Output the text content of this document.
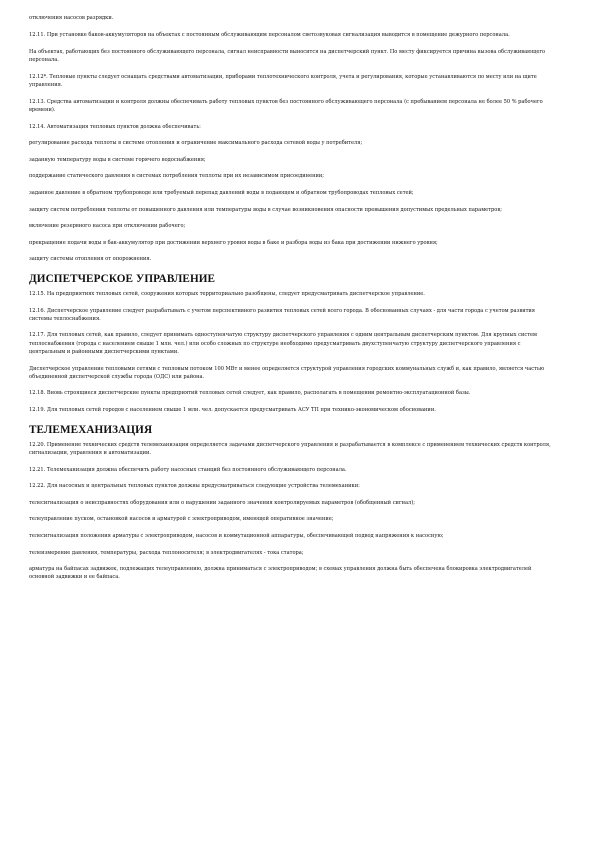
отключения насосов разрядки.

12.11. При установке баков-аккумуляторов на объектах с постоянным обслуживающим персоналом светозвуковая сигнализация выводится в помещение дежурного персонала.

На объектах, работающих без постоянного обслуживающего персонала, сигнал неисправности выносится на диспетчерский пункт. По месту фиксируется причина вызова обслуживающего персонала.

12.12*. Тепловые пункты следует оснащать средствами автоматизации, приборами теплотехнического контроля, учета и регулирования, которые устанавливаются по месту или на щите управления.

12.13. Средства автоматизации и контроля должны обеспечивать работу тепловых пунктов без постоянного обслуживающего персонала (с пребыванием персонала не более 50 % рабочего времени).

12.14. Автоматизация тепловых пунктов должна обеспечивать:

регулирование расхода теплоты в системе отопления и ограничение максимального расхода сетевой воды у потребителя;

заданную температуру воды в системе горячего водоснабжения;

поддержание статического давления в системах потребления теплоты при их независимом присоединении;

заданное давление в обратном трубопроводе или требуемый перепад давлений воды в подающем и обратном трубопроводах тепловых сетей;

защиту систем потребления теплоты от повышенного давления или температуры воды в случае возникновения опасности превышения допустимых предельных параметров;

включение резервного насоса при отключении рабочего;

прекращение подачи воды в бак-аккумулятор при достижении верхнего уровня воды в баке и разбора воды из бака при достижении нижнего уровня;

защиту системы отопления от опорожнения.

ДИСПЕТЧЕРСКОЕ УПРАВЛЕНИЕ

12.15. На предприятиях тепловых сетей, сооружения которых территориально разобщены, следует предусматривать диспетчерское управление.

12.16. Диспетчерское управление следует разрабатывать с учетом перспективного развития тепловых сетей всего города. В обоснованных случаях - для части города с учетом развития системы теплоснабжения.

12.17. Для тепловых сетей, как правило, следует принимать одноступенчатую структуру диспетчерского управления с одним центральным диспетчерским пунктом. Для крупных систем теплоснабжения (города с населением свыше 1 млн. чел.) или особо сложных по структуре необходимо предусматривать двухступенчатую структуру диспетчерского управления с центральным и районными диспетчерскими пунктами.

Диспетчерское управление тепловыми сетями с тепловым потоком 100 МВт и менее определяется структурой управления городских коммунальных служб и, как правило, является частью объединенной диспетчерской службы города (ОДС) или района.

12.18. Вновь строящиеся диспетчерские пункты предприятий тепловых сетей следует, как правило, располагать в помещении ремонтно-эксплуатационной базы.

12.19. Для тепловых сетей городов с населением свыше 1 млн. чел. допускается предусматривать АСУ ТП при технико-экономическом обосновании.

ТЕЛЕМЕХАНИЗАЦИЯ

12.20. Применение технических средств телемеханизации определяется задачами диспетчерского управления и разрабатывается в комплексе с применением технических средств контроля, сигнализации, управления и автоматизации.

12.21. Телемеханизация должна обеспечить работу насосных станций без постоянного обслуживающего персонала.

12.22. Для насосных и центральных тепловых пунктов должны предусматриваться следующие устройства телемеханики:

телесигнализация о неисправностях оборудования или о нарушении заданного значения контролируемых параметров (обобщенный сигнал);

телеуправление пуском, остановкой насосов и арматурой с электроприводом, имеющей оперативное значение;

телесигнализация положения арматуры с электроприводом, насосов и коммутационной аппаратуры, обеспечивающей подвод напряжения к насосную;

телеизмерение давления, температуры, расхода теплоносителя; в электродвигателях - тока статора;

арматура на байпасах задвижек, подлежащих телеуправлению, должна приниматься с электроприводом; в схемах управления должна быть обеспечена блокировка электродвигателей основной задвижки и ее байпаса.
